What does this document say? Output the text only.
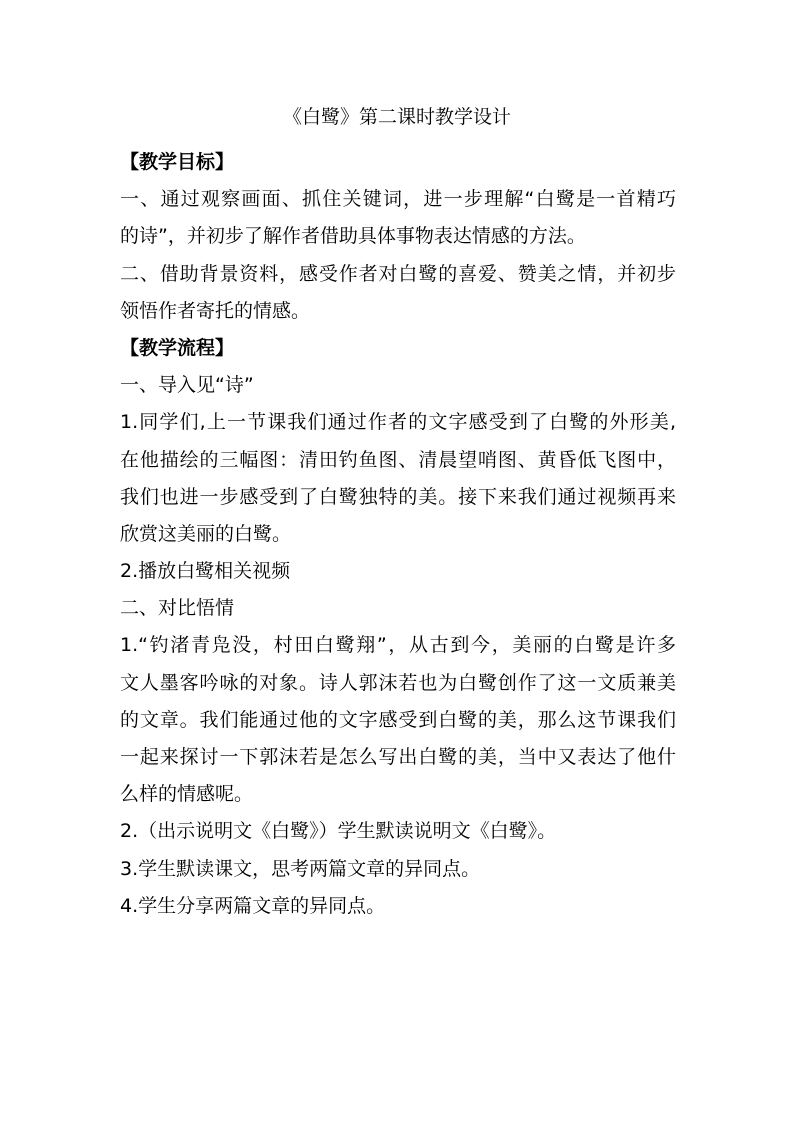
《白鹭》第二课时教学设计
【教学目标】
一、通过观察画面、抓住关键词，进一步理解“白鹭是一首精巧
的诗”，并初步了解作者借助具体事物表达情感的方法。
二、借助背景资料，感受作者对白鹭的喜爱、赞美之情，并初步
领悟作者寄托的情感。
【教学流程】
一、导入见“诗”
1.同学们,上一节课我们通过作者的文字感受到了白鹭的外形美,
在他描绘的三幅图：清田钓鱼图、清晨望哨图、黄昏低飞图中，
我们也进一步感受到了白鹭独特的美。接下来我们通过视频再来
欣赏这美丽的白鹭。
2.播放白鹭相关视频
二、对比悟情
1.“钓渚青凫没，村田白鹭翔”，从古到今，美丽的白鹭是许多
文人墨客吟咏的对象。诗人郭沫若也为白鹭创作了这一文质兼美
的文章。我们能通过他的文字感受到白鹭的美，那么这节课我们
一起来探讨一下郭沫若是怎么写出白鹭的美，当中又表达了他什
么样的情感呢。
2.（出示说明文《白鹭》）学生默读说明文《白鹭》。
3.学生默读课文，思考两篇文章的异同点。
4.学生分享两篇文章的异同点。
